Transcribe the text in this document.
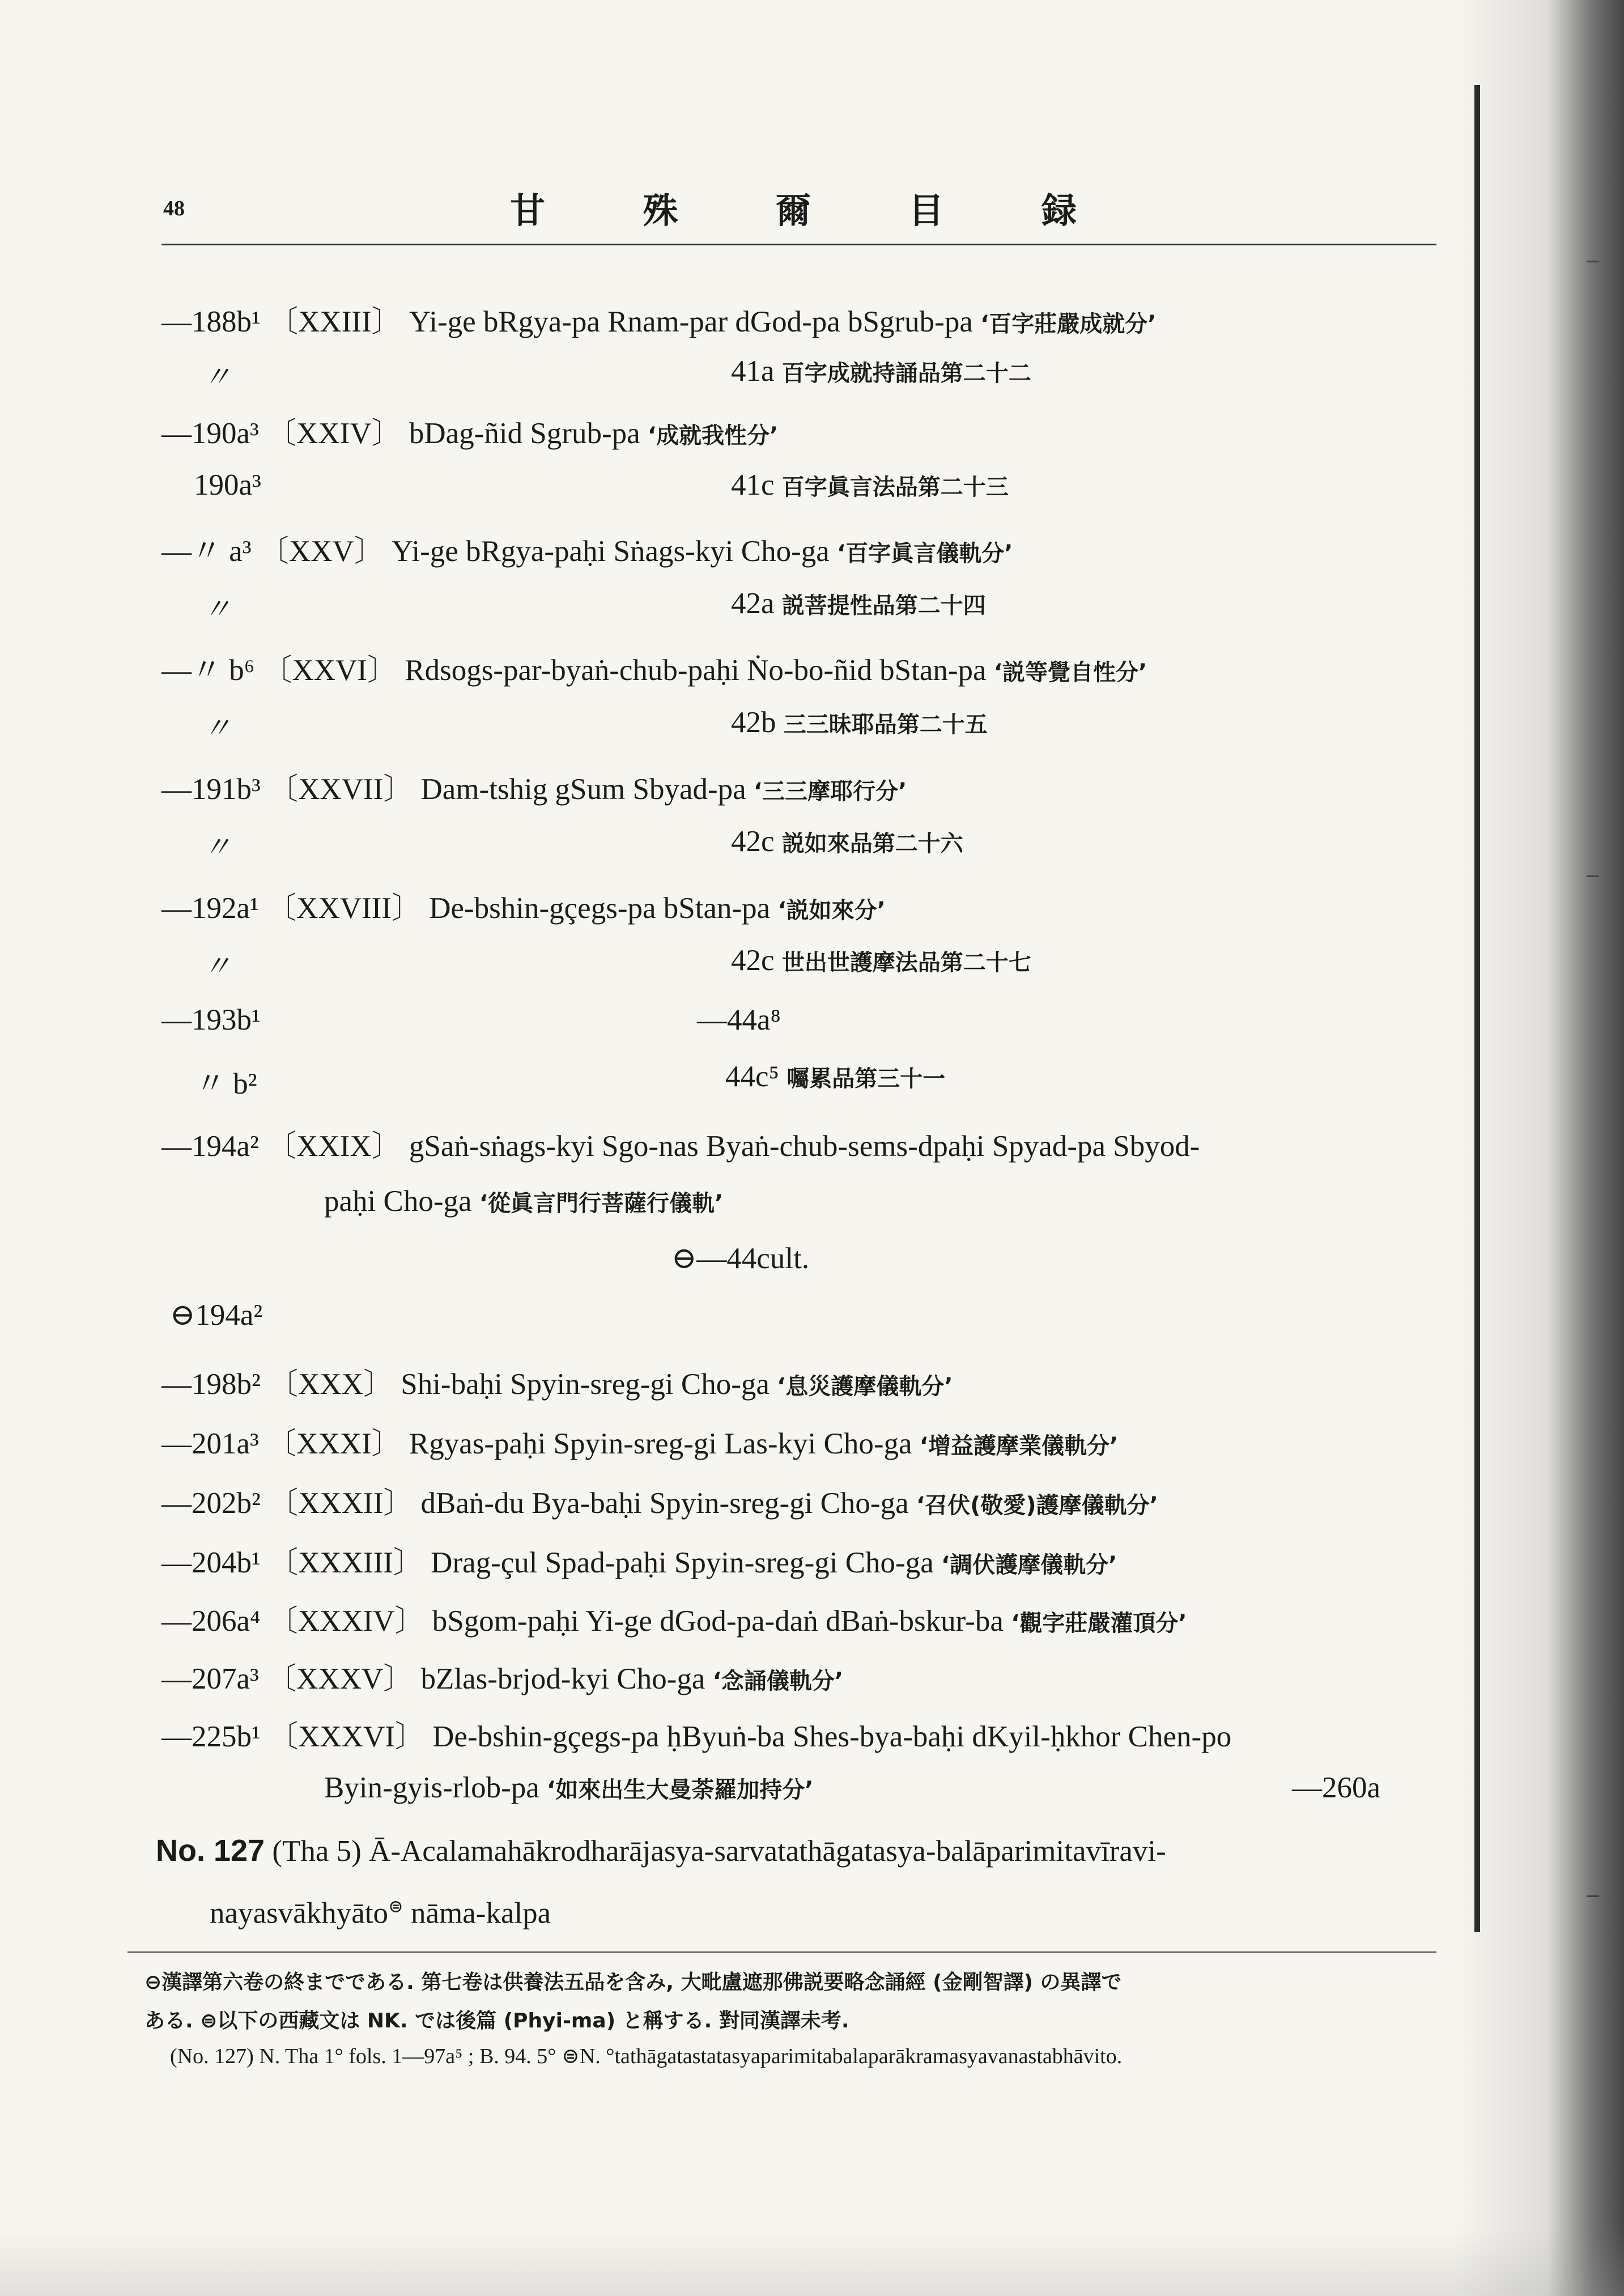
48	甘	殊	爾	目	録
—188b¹ 〔XXIII〕 Yi-ge bRgya-pa Rnam-par dGod-pa bSgrub-pa ‘百字莊嚴成就分’
〃	41a 百字成就持誦品第二十二
—190a³ 〔XXIV〕 bDag-ñid Sgrub-pa ‘成就我性分’
190a³	41c 百字眞言法品第二十三
—〃 a³ 〔XXV〕 Yi-ge bRgya-paḥi Sṅags-kyi Cho-ga ‘百字眞言儀軌分’
〃	42a 説菩提性品第二十四
—〃 b⁶ 〔XXVI〕 Rdsogs-par-byaṅ-chub-paḥi Ṅo-bo-ñid bStan-pa ‘説等覺自性分’
〃	42b 三三昧耶品第二十五
—191b³ 〔XXVII〕 Dam-tshig gSum Sbyad-pa ‘三三摩耶行分’
〃	42c 説如來品第二十六
—192a¹ 〔XXVIII〕 De-bshin-gçegs-pa bStan-pa ‘説如來分’
〃	42c 世出世護摩法品第二十七
—193b¹	—44a⁸
〃 b²	44c⁵ 囑累品第三十一
—194a² 〔XXIX〕 gSaṅ-sṅags-kyi Sgo-nas Byaṅ-chub-sems-dpaḥi Spyad-pa Sbyod-
paḥi Cho-ga ‘從眞言門行菩薩行儀軌’
⊖—44cult.
⊖194a²
—198b² 〔XXX〕 Shi-baḥi Spyin-sreg-gi Cho-ga ‘息災護摩儀軌分’
—201a³ 〔XXXI〕 Rgyas-paḥi Spyin-sreg-gi Las-kyi Cho-ga ‘增益護摩業儀軌分’
—202b² 〔XXXII〕 dBaṅ-du Bya-baḥi Spyin-sreg-gi Cho-ga ‘召伏(敬愛)護摩儀軌分’
—204b¹ 〔XXXIII〕 Drag-çul Spad-paḥi Spyin-sreg-gi Cho-ga ‘調伏護摩儀軌分’
—206a⁴ 〔XXXIV〕 bSgom-paḥi Yi-ge dGod-pa-daṅ dBaṅ-bskur-ba ‘觀字莊嚴灌頂分’
—207a³ 〔XXXV〕 bZlas-brjod-kyi Cho-ga ‘念誦儀軌分’
—225b¹ 〔XXXVI〕 De-bshin-gçegs-pa ḥByuṅ-ba Shes-bya-baḥi dKyil-ḥkhor Chen-po
Byin-gyis-rlob-pa ‘如來出生大曼荼羅加持分’	—260a
No. 127 (Tha 5) Ā-Acalamahākrodharājasya-sarvatathāgatasya-balāparimitavīravi-
nayasvākhyāto⊜ nāma-kalpa
⊖漢譯第六卷の終までである. 第七卷は供養法五品を含み, 大毗盧遮那佛説要略念誦經 (金剛智譯) の異譯で
ある. ⊜以下の西藏文は NK. では後篇 (Phyi-ma) と稱する. 對同漢譯未考.
(No. 127) N. Tha 1° fols. 1—97a⁵ ; B. 94. 5° ⊜N. °tathāgatastatasyaparimitabalaparākramasyavanastabhāvito.
